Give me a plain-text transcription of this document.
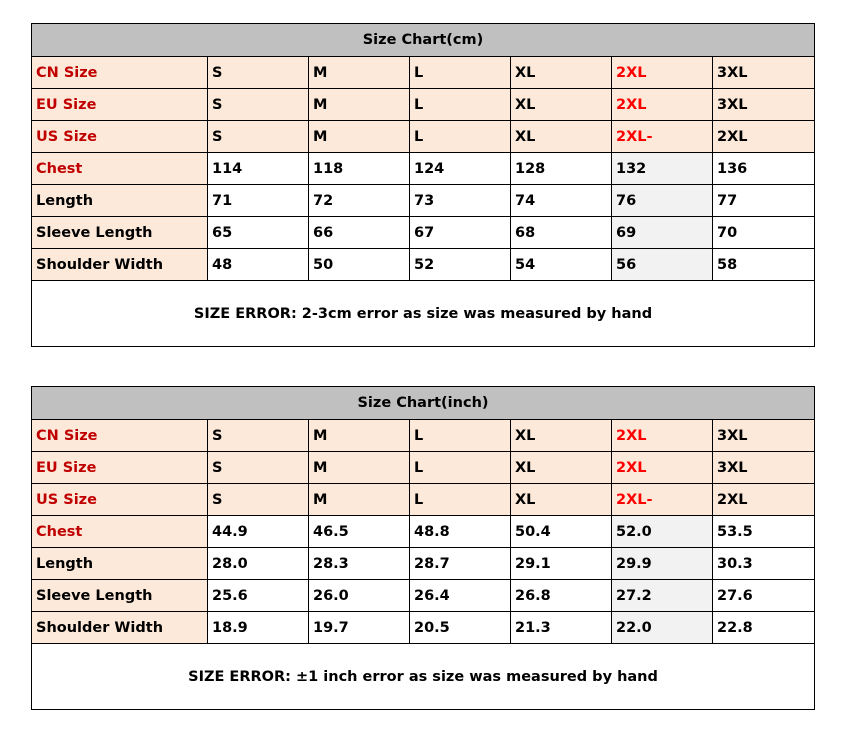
Size Chart(cm)						
CN Size	S	M	L	XL	2XL	3XL
EU Size	S	M	L	XL	2XL	3XL
US Size	S	M	L	XL	2XL-	2XL
Chest	114	118	124	128	132	136
Length	71	72	73	74	76	77
Sleeve Length	65	66	67	68	69	70
Shoulder Width	48	50	52	54	56	58
SIZE ERROR: 2-3cm error as size was measured by hand						
Size Chart(inch)						
CN Size	S	M	L	XL	2XL	3XL
EU Size	S	M	L	XL	2XL	3XL
US Size	S	M	L	XL	2XL-	2XL
Chest	44.9	46.5	48.8	50.4	52.0	53.5
Length	28.0	28.3	28.7	29.1	29.9	30.3
Sleeve Length	25.6	26.0	26.4	26.8	27.2	27.6
Shoulder Width	18.9	19.7	20.5	21.3	22.0	22.8
SIZE ERROR: ±1 inch error as size was measured by hand						
